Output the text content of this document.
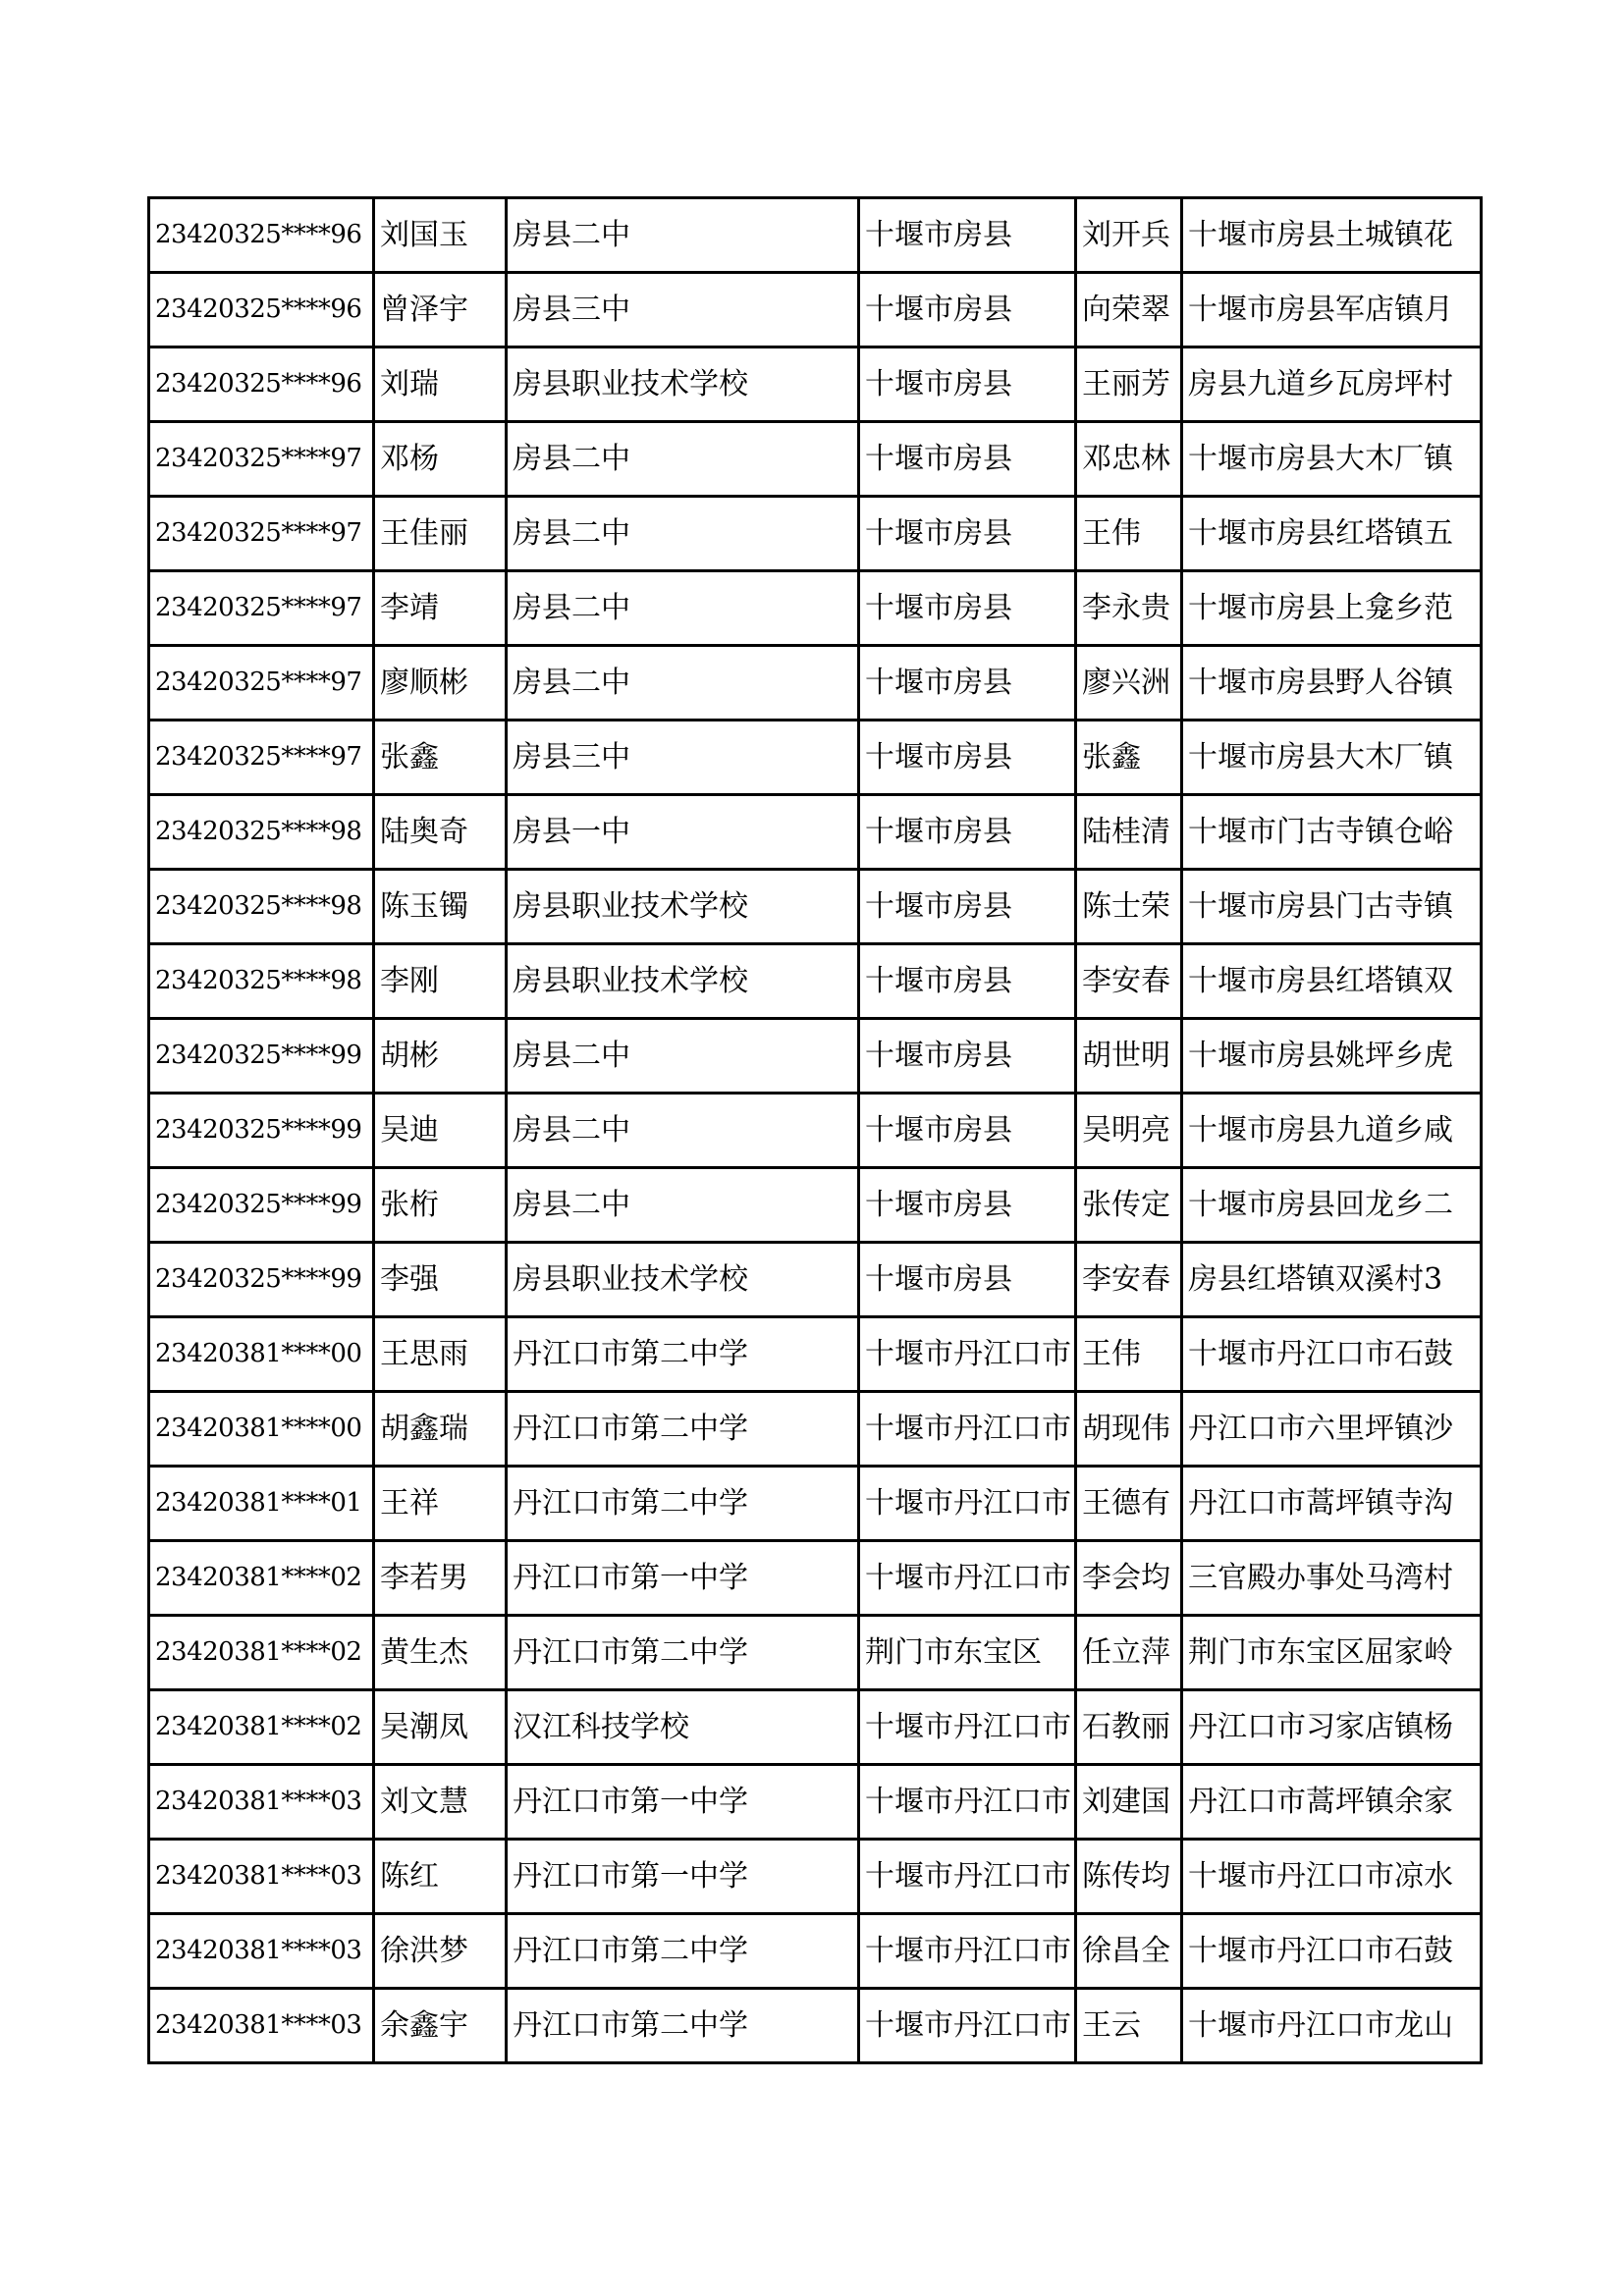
23420325****96	刘国玉	房县二中	十堰市房县	刘开兵	十堰市房县土城镇花
23420325****96	曾泽宇	房县三中	十堰市房县	向荣翠	十堰市房县军店镇月
23420325****96	刘瑞	房县职业技术学校	十堰市房县	王丽芳	房县九道乡瓦房坪村
23420325****97	邓杨	房县二中	十堰市房县	邓忠林	十堰市房县大木厂镇
23420325****97	王佳丽	房县二中	十堰市房县	王伟	十堰市房县红塔镇五
23420325****97	李靖	房县二中	十堰市房县	李永贵	十堰市房县上龛乡范
23420325****97	廖顺彬	房县二中	十堰市房县	廖兴洲	十堰市房县野人谷镇
23420325****97	张鑫	房县三中	十堰市房县	张鑫	十堰市房县大木厂镇
23420325****98	陆奥奇	房县一中	十堰市房县	陆桂清	十堰市门古寺镇仓峪
23420325****98	陈玉镯	房县职业技术学校	十堰市房县	陈士荣	十堰市房县门古寺镇
23420325****98	李刚	房县职业技术学校	十堰市房县	李安春	十堰市房县红塔镇双
23420325****99	胡彬	房县二中	十堰市房县	胡世明	十堰市房县姚坪乡虎
23420325****99	吴迪	房县二中	十堰市房县	吴明亮	十堰市房县九道乡咸
23420325****99	张桁	房县二中	十堰市房县	张传定	十堰市房县回龙乡二
23420325****99	李强	房县职业技术学校	十堰市房县	李安春	房县红塔镇双溪村3
23420381****00	王思雨	丹江口市第二中学	十堰市丹江口市	王伟	十堰市丹江口市石鼓
23420381****00	胡鑫瑞	丹江口市第二中学	十堰市丹江口市	胡现伟	丹江口市六里坪镇沙
23420381****01	王祥	丹江口市第二中学	十堰市丹江口市	王德有	丹江口市蒿坪镇寺沟
23420381****02	李若男	丹江口市第一中学	十堰市丹江口市	李会均	三官殿办事处马湾村
23420381****02	黄生杰	丹江口市第二中学	荆门市东宝区	任立萍	荆门市东宝区屈家岭
23420381****02	吴潮凤	汉江科技学校	十堰市丹江口市	石教丽	丹江口市习家店镇杨
23420381****03	刘文慧	丹江口市第一中学	十堰市丹江口市	刘建国	丹江口市蒿坪镇余家
23420381****03	陈红	丹江口市第一中学	十堰市丹江口市	陈传均	十堰市丹江口市凉水
23420381****03	徐洪梦	丹江口市第二中学	十堰市丹江口市	徐昌全	十堰市丹江口市石鼓
23420381****03	余鑫宇	丹江口市第二中学	十堰市丹江口市	王云	十堰市丹江口市龙山
